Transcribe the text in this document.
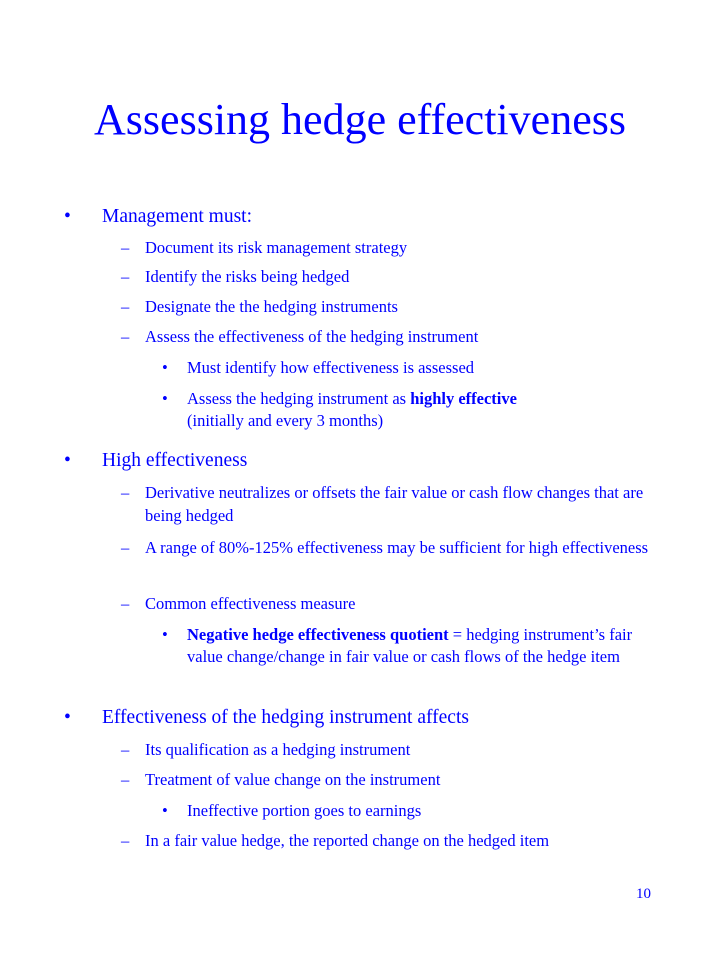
Assessing hedge effectiveness
• Management must:
– Document its risk management strategy
– Identify the risks being hedged
– Designate the the hedging instruments
– Assess the effectiveness of the hedging instrument
• Must identify how effectiveness is assessed
• Assess the hedging instrument as highly effective
(initially and every 3 months)
• High effectiveness
– Derivative neutralizes or offsets the fair value or cash flow changes that are being hedged
– A range of 80%-125% effectiveness may be sufficient for high effectiveness
– Common effectiveness measure
• Negative hedge effectiveness quotient = hedging instrument’s fair value change/change in fair value or cash flows of the hedge item
• Effectiveness of the hedging instrument affects
– Its qualification as a hedging instrument
– Treatment of value change on the instrument
• Ineffective portion goes to earnings
– In a fair value hedge, the reported change on the hedged item
10
